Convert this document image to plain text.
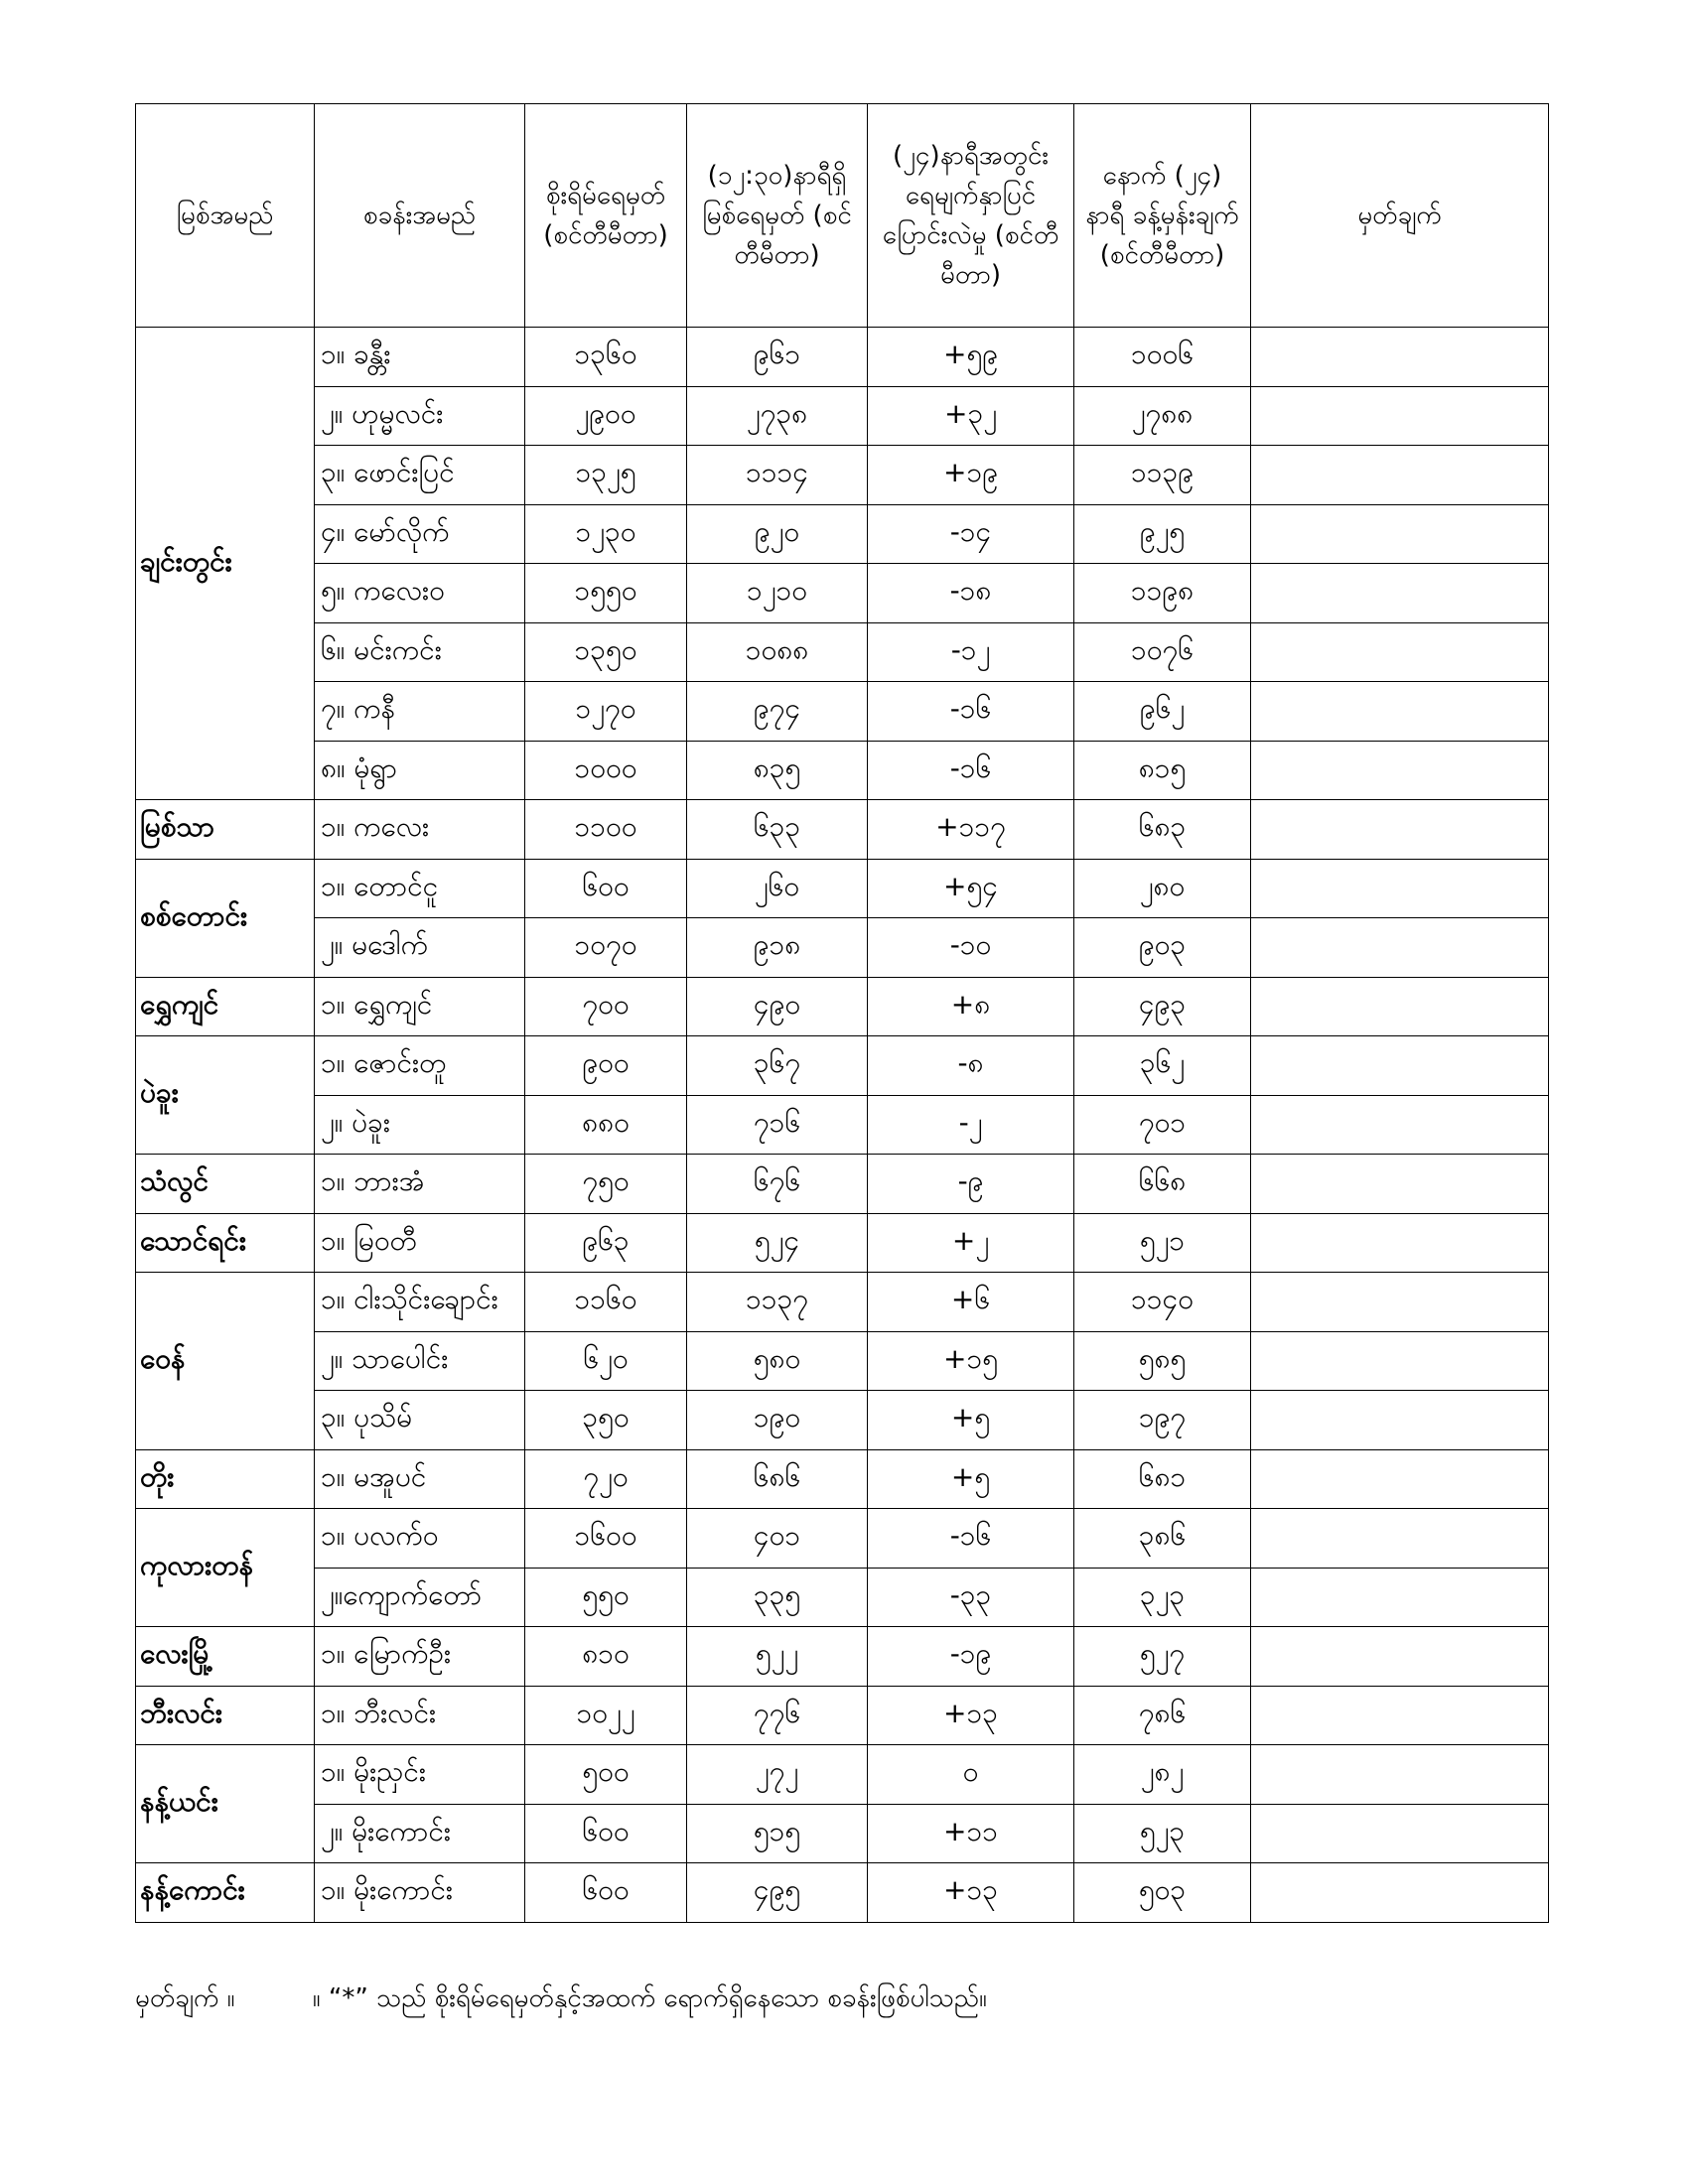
မြစ်အမည်	စခန်းအမည်	စိုးရိမ်ရေမှတ် (စင်တီမီတာ)	(၁၂:၃၀)နာရီရှိ မြစ်ရေမှတ် (စင်တီမီတာ)	(၂၄)နာရီအတွင်း ရေမျက်နှာပြင် ပြောင်းလဲမှု (စင်တီမီတာ)	နောက် (၂၄) နာရီ ခန့်မှန်းချက် (စင်တီမီတာ)	မှတ်ချက်
ချင်းတွင်း	၁။ ခန္တီး	၁၃၆၀	၉၆၁	+၅၉	၁၀၀၆	
	၂။ ဟုမ္မလင်း	၂၉၀၀	၂၇၃၈	+၃၂	၂၇၈၈	
	၃။ ဖောင်းပြင်	၁၃၂၅	၁၁၁၄	+၁၉	၁၁၃၉	
	၄။ မော်လိုက်	၁၂၃၀	၉၂၀	-၁၄	၉၂၅	
	၅။ ကလေးဝ	၁၅၅၀	၁၂၁၀	-၁၈	၁၁၉၈	
	၆။ မင်းကင်း	၁၃၅၀	၁၀၈၈	-၁၂	၁၀၇၆	
	၇။ ကနီ	၁၂၇၀	၉၇၄	-၁၆	၉၆၂	
	၈။ မုံရွာ	၁၀၀၀	၈၃၅	-၁၆	၈၁၅	
မြစ်သာ	၁။ ကလေး	၁၁၀၀	၆၃၃	+၁၁၇	၆၈၃	
စစ်တောင်း	၁။ တောင်ငူ	၆၀၀	၂၆၀	+၅၄	၂၈၀	
	၂။ မဒေါက်	၁၀၇၀	၉၁၈	-၁၀	၉၀၃	
ရွှေကျင်	၁။ ရွှေကျင်	၇၀၀	၄၉၀	+၈	၄၉၃	
ပဲခူး	၁။ ဇောင်းတူ	၉၀၀	၃၆၇	-၈	၃၆၂	
	၂။ ပဲခူး	၈၈၀	၇၁၆	-၂	၇၀၁	
သံလွင်	၁။ ဘားအံ	၇၅၀	၆၇၆	-၉	၆၆၈	
သောင်ရင်း	၁။ မြဝတီ	၉၆၃	၅၂၄	+၂	၅၂၁	
ဝေန်	၁။ ငါးသိုင်းချောင်း	၁၁၆၀	၁၁၃၇	+၆	၁၁၄၀	
	၂။ သာပေါင်း	၆၂၀	၅၈၀	+၁၅	၅၈၅	
	၃။ ပုသိမ်	၃၅၀	၁၉၀	+၅	၁၉၇	
တိုး	၁။ မအူပင်	၇၂၀	၆၈၆	+၅	၆၈၁	
ကုလားတန်	၁။ ပလက်ဝ	၁၆၀၀	၄၀၁	-၁၆	၃၈၆	
	၂။ကျောက်တော်	၅၅၀	၃၃၅	-၃၃	၃၂၃	
လေးမြို့	၁။ မြောက်ဦး	၈၁၀	၅၂၂	-၁၉	၅၂၇	
ဘီးလင်း	၁။ ဘီးလင်း	၁၀၂၂	၇၇၆	+၁၃	၇၈၆	
နန့်ယင်း	၁။ မိုးညှင်း	၅၀၀	၂၇၂	၀	၂၈၂	
	၂။ မိုးကောင်း	၆၀၀	၅၁၅	+၁၁	၅၂၃	
နန့်ကောင်း	၁။ မိုးကောင်း	၆၀၀	၄၉၅	+၁၃	၅၀၃	
မှတ်ချက် ။	။ “*” သည် စိုးရိမ်ရေမှတ်နှင့်အထက် ရောက်ရှိနေသော စခန်းဖြစ်ပါသည်။
